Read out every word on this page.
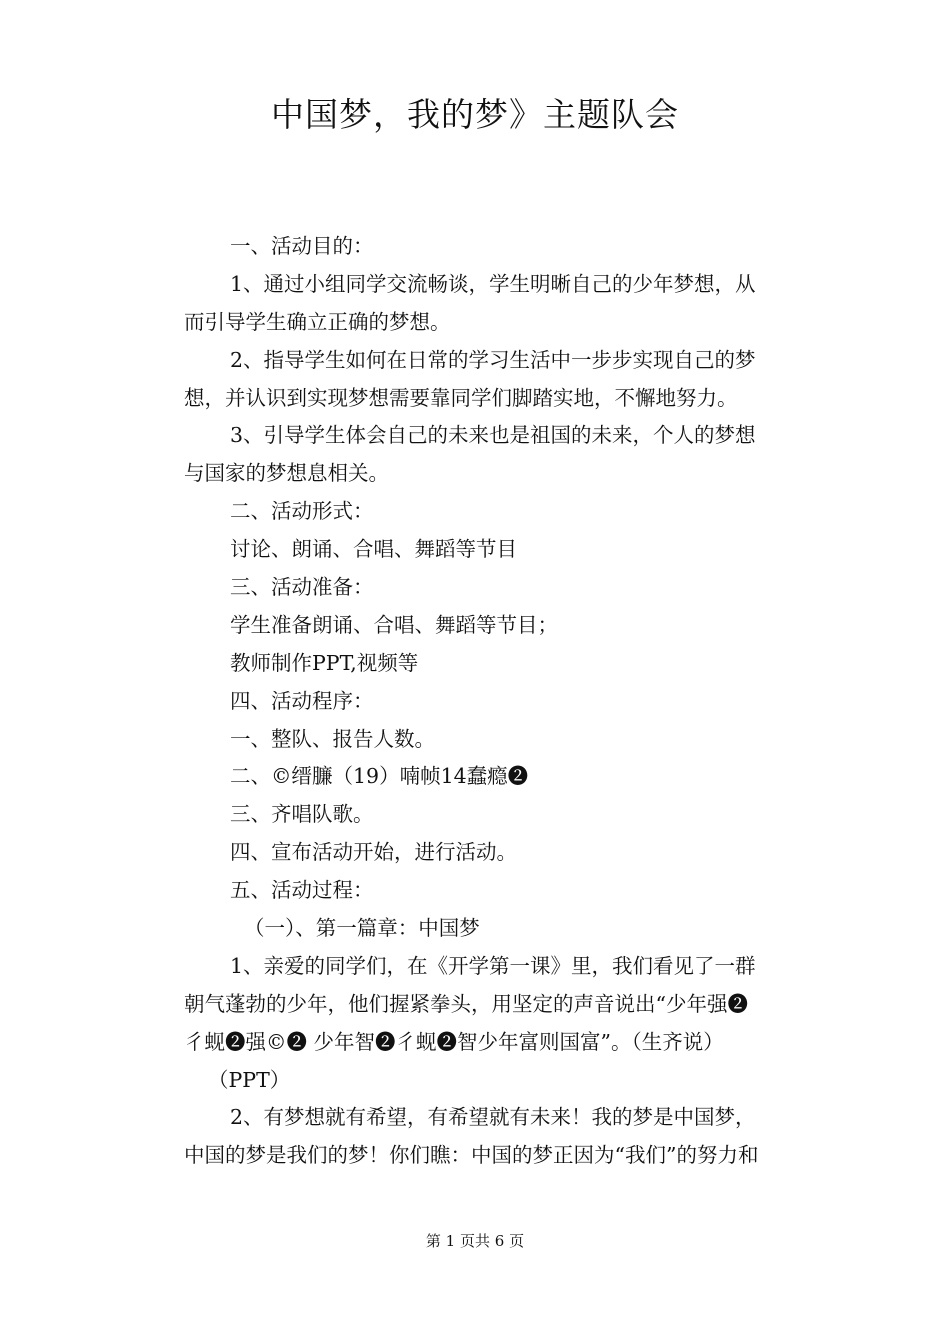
中国梦，我的梦》主题队会
一、活动目的：
1、通过小组同学交流畅谈，学生明晰自己的少年梦想，从
而引导学生确立正确的梦想。
2、指导学生如何在日常的学习生活中一步步实现自己的梦
想，并认识到实现梦想需要靠同学们脚踏实地，不懈地努力。
3、引导学生体会自己的未来也是祖国的未来，个人的梦想
与国家的梦想息相关。
二、活动形式：
讨论、朗诵、合唱、舞蹈等节目
三、活动准备：
学生准备朗诵、合唱、舞蹈等节目；
教师制作PPT,视频等
四、活动程序：
一、整队、报告人数。
二、©缙臁（19）喃帧14蠢瘾❷
三、齐唱队歌。
四、宣布活动开始，进行活动。
五、活动过程：
（一）、第一篇章：中国梦
1、亲爱的同学们，在《开学第一课》里，我们看见了一群
朝气蓬勃的少年，他们握紧拳头，用坚定的声音说出“少年强❷
彳蚬❷强©❷ 少年智❷彳蚬❷智少年富则国富”。（生齐说）
（PPT）
2、有梦想就有希望，有希望就有未来！我的梦是中国梦，
中国的梦是我们的梦！你们瞧：中国的梦正因为“我们”的努力和
第 1 页共 6 页
